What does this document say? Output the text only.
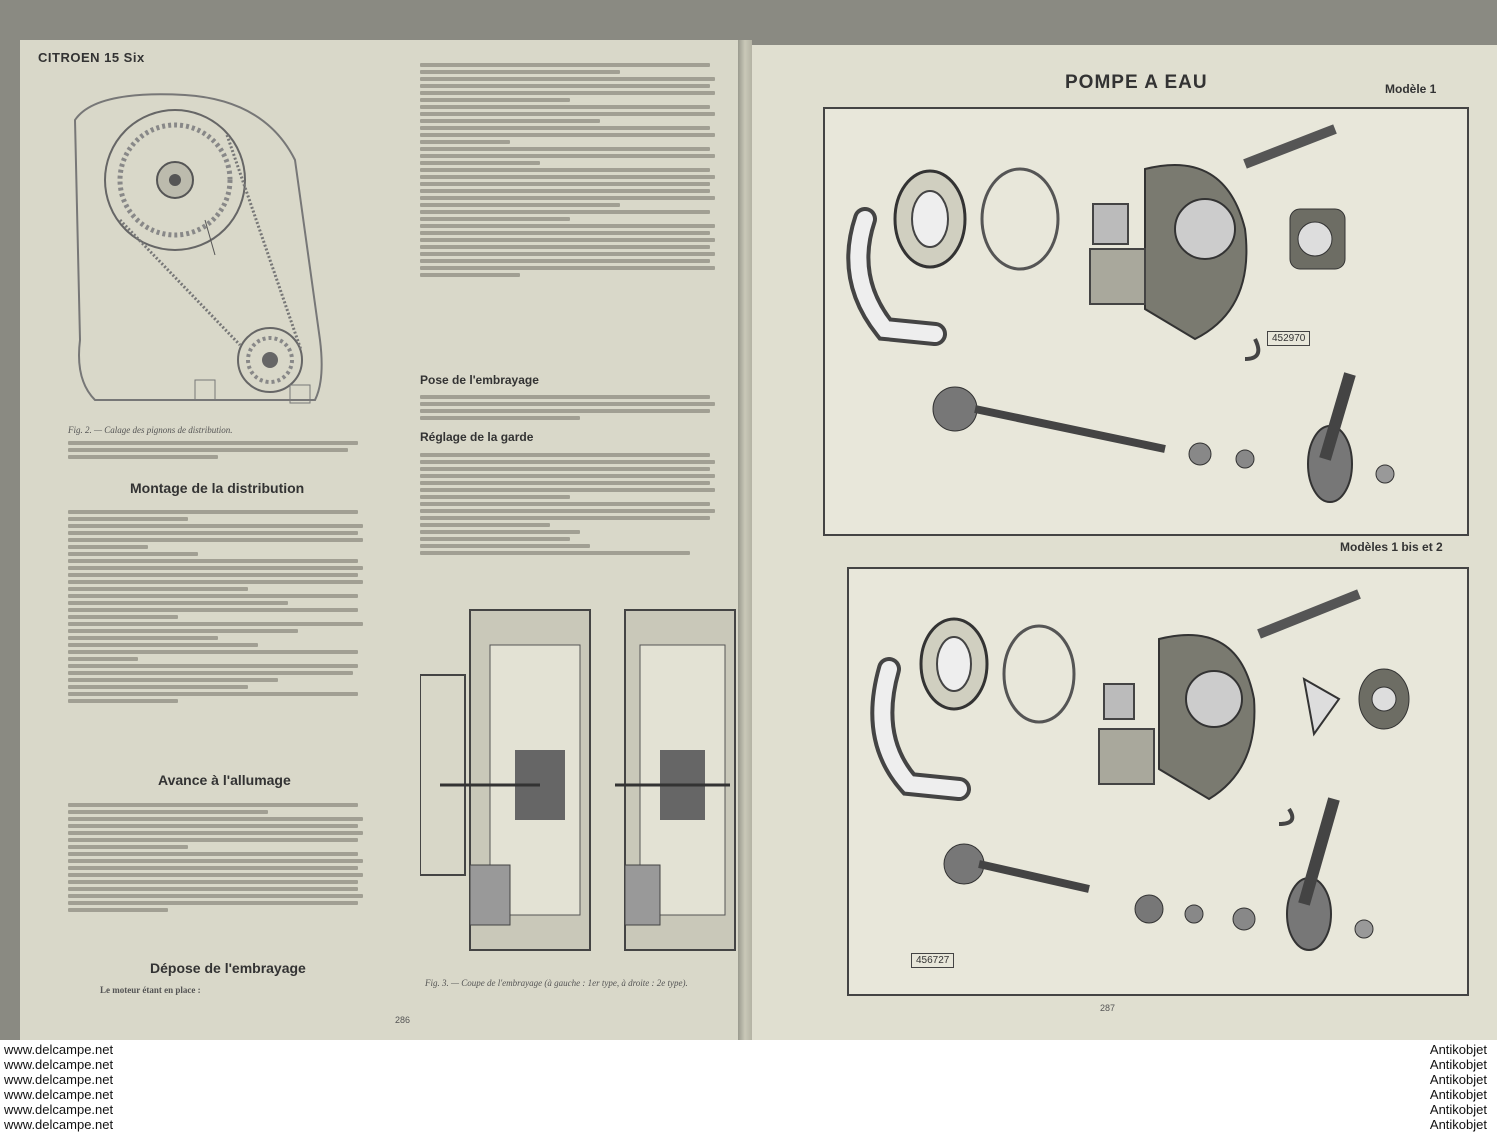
CITROEN 15 Six
Fig. 2. — Calage des pignons de distribution.
Montage de la distribution
Avance à l'allumage
Dépose de l'embrayage
Le moteur étant en place :
286
Pose de l'embrayage
Réglage de la garde
Fig. 3. — Coupe de l'embrayage (à gauche : 1er type, à droite : 2e type).
POMPE A EAU	Modèle 1
452970
Modèles 1 bis et 2
456727
287
www.delcampe.net
www.delcampe.net
www.delcampe.net
www.delcampe.net
www.delcampe.net
www.delcampe.net
Antikobjet
Antikobjet
Antikobjet
Antikobjet
Antikobjet
Antikobjet
